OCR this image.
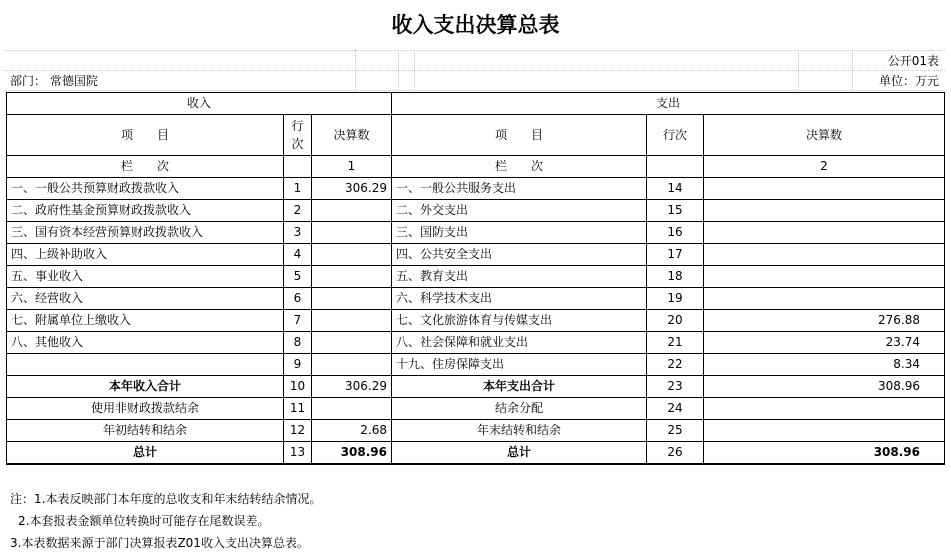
收入支出决算总表
公开01表
部门： 常德国院	单位：万元
收入			支出		
项　　目	行次	决算数	项　　目	行次	决算数
栏　　次		1	栏　　次		2
一、一般公共预算财政拨款收入	1	306.29	一、一般公共服务支出	14	
二、政府性基金预算财政拨款收入	2		二、外交支出	15	
三、国有资本经营预算财政拨款收入	3		三、国防支出	16	
四、上级补助收入	4		四、公共安全支出	17	
五、事业收入	5		五、教育支出	18	
六、经营收入	6		六、科学技术支出	19	
七、附属单位上缴收入	7		七、文化旅游体育与传媒支出	20	276.88
八、其他收入	8		八、社会保障和就业支出	21	23.74
	9		十九、住房保障支出	22	8.34
本年收入合计	10	306.29	本年支出合计	23	308.96
使用非财政拨款结余	11		结余分配	24	
年初结转和结余	12	2.68	年末结转和结余	25	
总计	13	308.96	总计	26	308.96
注：1.本表反映部门本年度的总收支和年末结转结余情况。
2.本套报表金额单位转换时可能存在尾数误差。
3.本表数据来源于部门决算报表Z01收入支出决算总表。
